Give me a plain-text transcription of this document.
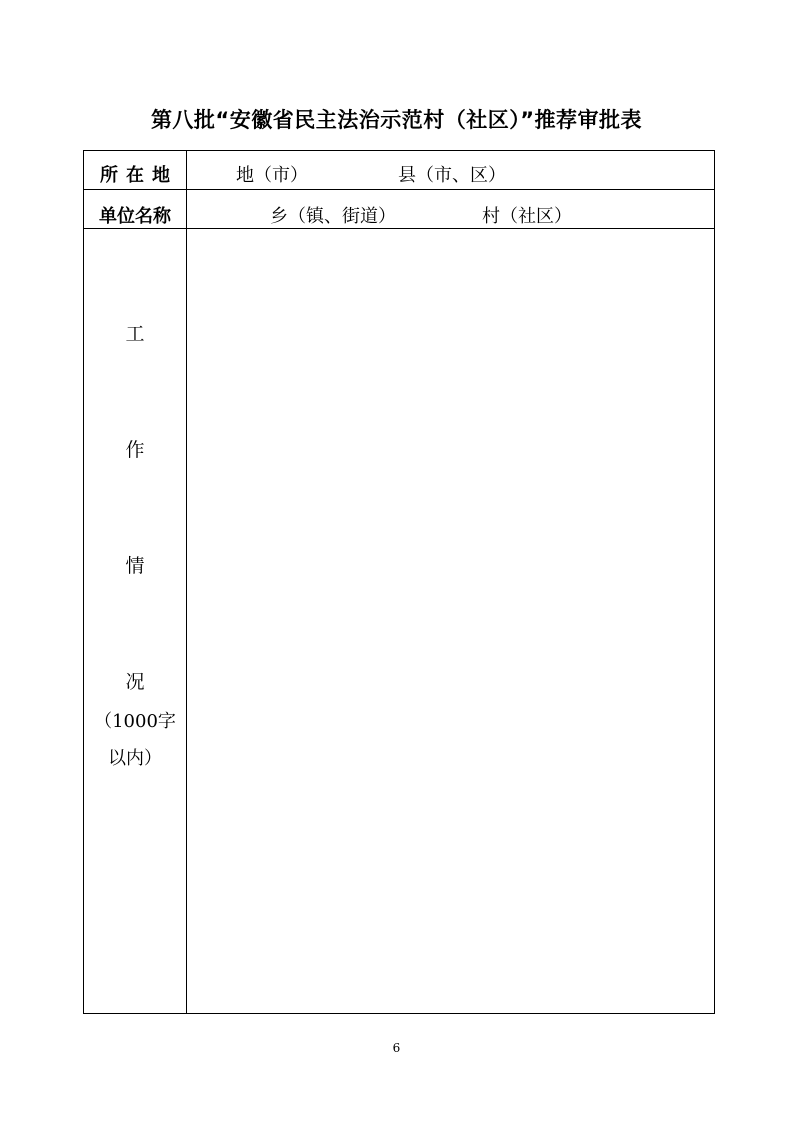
第八批“安徽省民主法治示范村（社区）”推荐审批表
所在地	地（市）	县（市、区）
单位名称	乡（镇、街道）	村（社区）
工
作
情
况
（1000字
以内）
6
